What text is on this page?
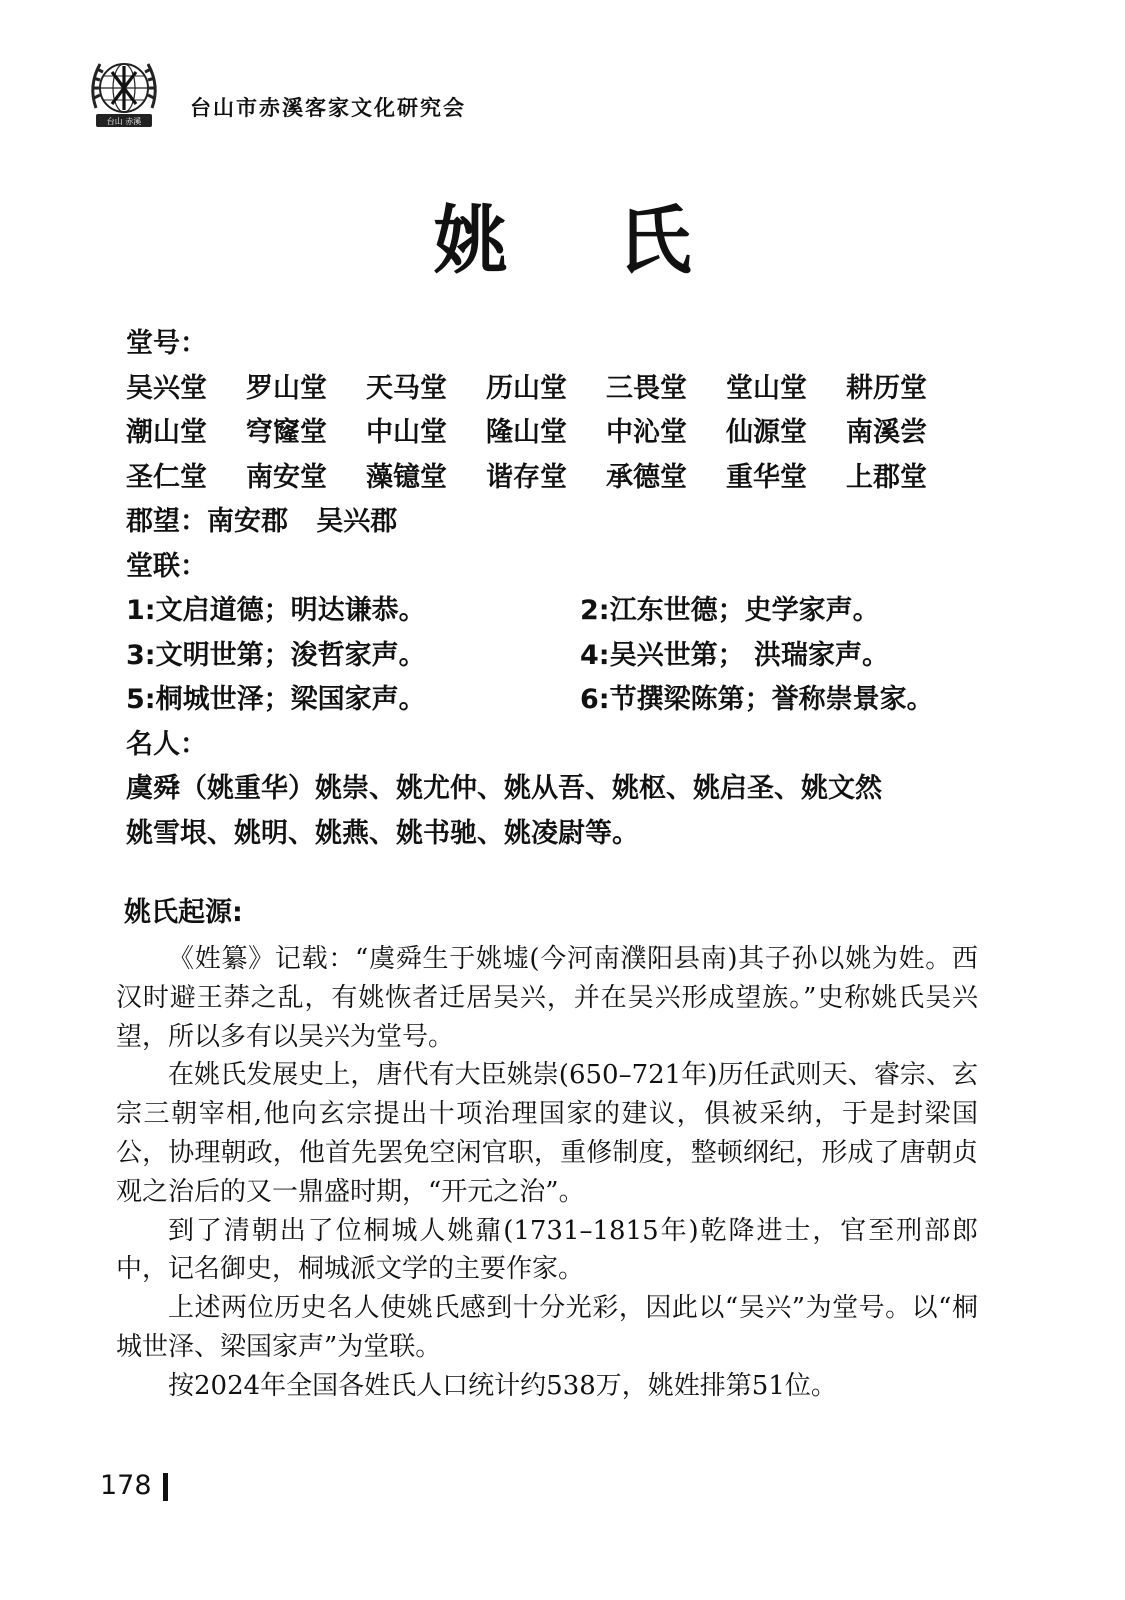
台山 赤溪
台山市赤溪客家文化研究会
姚 氏
堂号：
吴兴堂 罗山堂 天马堂 历山堂 三畏堂 堂山堂 耕历堂
潮山堂 穹窿堂 中山堂 隆山堂 中沁堂 仙源堂 南溪尝
圣仁堂 南安堂 藻镱堂 谐存堂 承德堂 重华堂 上郡堂
郡望：南安郡   吴兴郡
堂联：
1:文启道德；明达谦恭。	2:江东世德；史学家声。
3:文明世第；浚哲家声。	4:吴兴世第； 洪瑞家声。
5:桐城世泽；梁国家声。	6:节撰梁陈第；誉称崇景家。
名人：
虞舜（姚重华）姚崇、姚尤仲、姚从吾、姚枢、姚启圣、姚文然
姚雪垠、姚明、姚燕、姚书驰、姚凌尉等。
姚氏起源:

《姓纂》记载：“虞舜生于姚墟(今河南濮阳县南)其子孙以姚为姓。西汉时避王莽之乱，有姚恢者迁居吴兴，并在吴兴形成望族。”史称姚氏吴兴望，所以多有以吴兴为堂号。

在姚氏发展史上，唐代有大臣姚崇(650–721年)历任武则天、睿宗、玄宗三朝宰相,他向玄宗提出十项治理国家的建议，俱被采纳，于是封梁国公，协理朝政，他首先罢免空闲官职，重修制度，整顿纲纪，形成了唐朝贞观之治后的又一鼎盛时期，“开元之治”。

到了清朝出了位桐城人姚鼐(1731–1815年)乾降进士，官至刑部郎中，记名御史，桐城派文学的主要作家。

上述两位历史名人使姚氏感到十分光彩，因此以“吴兴”为堂号。以“桐城世泽、梁国家声”为堂联。

按2024年全国各姓氏人口统计约538万，姚姓排第51位。

178
